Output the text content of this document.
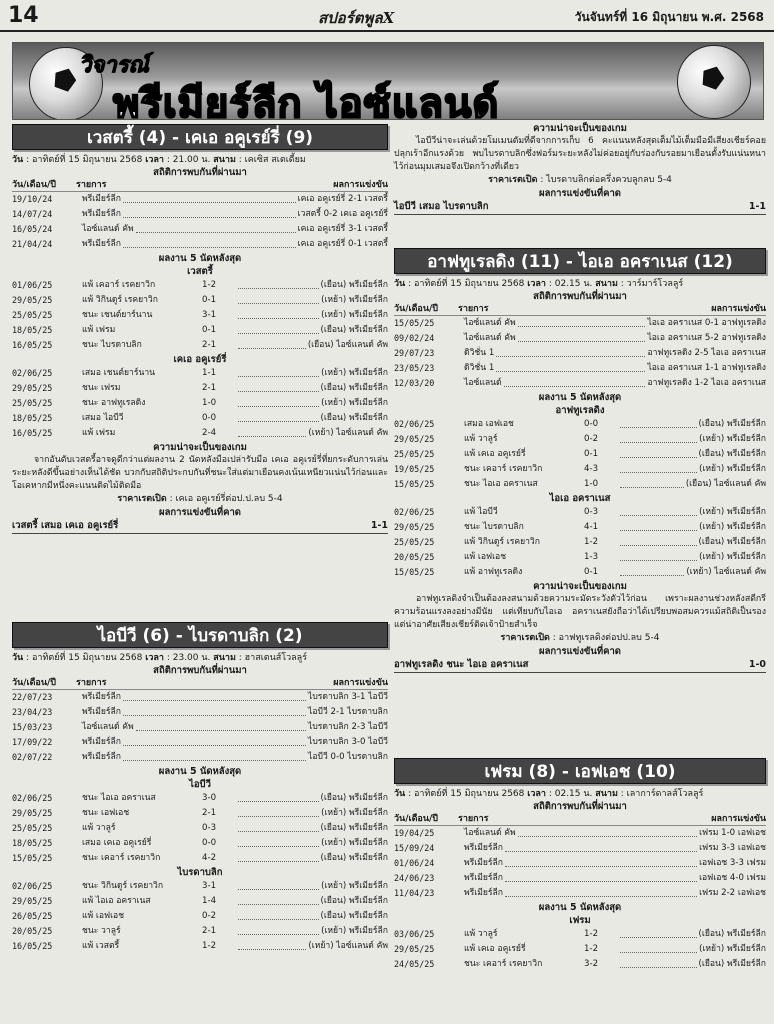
14	สปอร์ตพูลX	วันจันทร์ที่ 16 มิถุนายน พ.ศ. 2568
วิจารณ์
พรีเมียร์ลีก ไอซ์แลนด์
เวสตรี้ (4) - เคเอ อคูเรย์รี่ (9)
วัน : อาทิตย์ที่ 15 มิถุนายน 2568 เวลา : 21.00 น. สนาม : เคเซิส สเตเดี้ยม
สถิติการพบกันที่ผ่านมา
วัน/เดือน/ปี รายการ	ผลการแข่งขัน
19/10/24	พรีเมียร์ลีก	เคเอ อคูเรย์รี่ 2-1 เวสตรี้
14/07/24	พรีเมียร์ลีก	เวสตรี้ 0-2 เคเอ อคูเรย์รี่
16/05/24	ไอซ์แลนด์ คัพ	เคเอ อคูเรย์รี่ 3-1 เวสตรี้
21/04/24	พรีเมียร์ลีก	เคเอ อคูเรย์รี่ 0-1 เวสตรี้
ผลงาน 5 นัดหลังสุด
เวสตรี้
01/06/25	แพ้ เคอาร์ เรคยาวิก	1-2	(เยือน) พรีเมียร์ลีก
29/05/25	แพ้ วิกินดูร์ เรคยาวิก	0-1	(เหย้า) พรีเมียร์ลีก
25/05/25	ชนะ เชนต์ยาร์นาน	3-1	(เหย้า) พรีเมียร์ลีก
18/05/25	แพ้ เฟรม	0-1	(เยือน) พรีเมียร์ลีก
16/05/25	ชนะ ไบรดาบลิก	2-1	(เยือน) ไอซ์แลนด์ คัพ
เคเอ อคูเรย์รี่
02/06/25	เสมอ เชนต์ยาร์นาน	1-1	(เหย้า) พรีเมียร์ลีก
29/05/25	ชนะ เฟรม	2-1	(เยือน) พรีเมียร์ลีก
25/05/25	ชนะ อาฟทูเรลดิง	1-0	(เหย้า) พรีเมียร์ลีก
18/05/25	เสมอ ไอบีวี	0-0	(เยือน) พรีเมียร์ลีก
16/05/25	แพ้ เฟรม	2-4	(เหย้า) ไอซ์แลนด์ คัพ
ความน่าจะเป็นของเกม
จากอันดับเวสตรี้อาจดูดีกว่าแต่ผลงาน 2 นัดหลังมือเปล่ารับมือ เคเอ อคูเรย์รี่ที่ยกระดับการเล่นระยะหลังดีขึ้นอย่างเห็นได้ชัด บวกกับสถิติประกบกันที่ชนะใส่แต่มาเยือนคงเน้นเหนียวแน่นไว้ก่อนและโอเคหากมีหนึ่งคะแนนติดไม้ติดมือ
ราคาเรตเปิด : เคเอ อคูเรย์รี่ต่อป.ป.ลบ 5-4
ผลการแข่งขันที่คาด
เวสตรี้ เสมอ เคเอ อคูเรย์รี่	1-1
ไอบีวี (6) - ไบรดาบลิก (2)
วัน : อาทิตย์ที่ 15 มิถุนายน 2568 เวลา : 23.00 น. สนาม : ฮาสเตนส์โวลลูร์
สถิติการพบกันที่ผ่านมา
วัน/เดือน/ปี รายการ	ผลการแข่งขัน
22/07/23	พรีเมียร์ลีก	ไบรดาบลิก 3-1 ไอบีวี
23/04/23	พรีเมียร์ลีก	ไอบีวี 2-1 ไบรดาบลิก
15/03/23	ไอซ์แลนด์ คัพ	ไบรดาบลิก 2-3 ไอบีวี
17/09/22	พรีเมียร์ลีก	ไบรดาบลิก 3-0 ไอบีวี
02/07/22	พรีเมียร์ลีก	ไอบีวี 0-0 ไบรดาบลิก
ผลงาน 5 นัดหลังสุด
ไอบีวี
02/06/25	ชนะ ไอเอ อคราเนส	3-0	(เยือน) พรีเมียร์ลีก
29/05/25	ชนะ เอฟเอช	2-1	(เหย้า) พรีเมียร์ลีก
25/05/25	แพ้ วาลูร์	0-3	(เยือน) พรีเมียร์ลีก
18/05/25	เสมอ เคเอ อคูเรย์รี่	0-0	(เหย้า) พรีเมียร์ลีก
15/05/25	ชนะ เคอาร์ เรคยาวิก	4-2	(เยือน) พรีเมียร์ลีก
ไบรดาบลิก
02/06/25	ชนะ วิกินดูร์ เรคยาวิก	3-1	(เหย้า) พรีเมียร์ลีก
29/05/25	แพ้ ไอเอ อคราเนส	1-4	(เยือน) พรีเมียร์ลีก
26/05/25	แพ้ เอฟเอช	0-2	(เยือน) พรีเมียร์ลีก
20/05/25	ชนะ วาลูร์	2-1	(เหย้า) พรีเมียร์ลีก
16/05/25	แพ้ เวสตรี้	1-2	(เหย้า) ไอซ์แลนด์ คัพ
ความน่าจะเป็นของเกม
ไอบีวีน่าจะเล่นด้วยโมเมนตัมที่ดีจากการเก็บ 6 คะแนนหลังสุดเต็มไม้เต็มมือมีเสียงเชียร์คอยปลุกเร้าอีกแรงด้วย พบไบรดาบลิกซึ่งฟอร์มระยะหลังไม่ค่อยอยู่กับร่องกับรอยมาเยือนตั้งรับแน่นหนาไว้ก่อนมุมเสมอจึงเปิดกว้างที่เดียว
ราคาเรตเปิด : ไบรดาบลิกต่อครึ่งควบลูกลบ 5-4
ผลการแข่งขันที่คาด
ไอบีวี เสมอ ไบรดาบลิก	1-1
อาฟทูเรลดิง (11) - ไอเอ อคราเนส (12)
วัน : อาทิตย์ที่ 15 มิถุนายน 2568 เวลา : 02.15 น. สนาม : วาร์มาร์โวลลูร์
สถิติการพบกันที่ผ่านมา
วัน/เดือน/ปี รายการ	ผลการแข่งขัน
15/05/25	ไอซ์แลนด์ คัพ	ไอเอ อคราเนส 0-1 อาฟทูเรลดิง
09/02/24	ไอซ์แลนด์ คัพ	ไอเอ อคราเนส 5-2 อาฟทูเรลดิง
29/07/23	ดิวิชั่น 1	อาฟทูเรลดิง 2-5 ไอเอ อคราเนส
23/05/23	ดิวิชั่น 1	ไอเอ อคราเนส 1-1 อาฟทูเรลดิง
12/03/20	ไอซ์แลนด์	อาฟทูเรลดิง 1-2 ไอเอ อคราเนส
ผลงาน 5 นัดหลังสุด
อาฟทูเรลดิง
02/06/25	เสมอ เอฟเอช	0-0	(เยือน) พรีเมียร์ลีก
29/05/25	แพ้ วาลูร์	0-2	(เหย้า) พรีเมียร์ลีก
25/05/25	แพ้ เคเอ อคูเรย์รี่	0-1	(เยือน) พรีเมียร์ลีก
19/05/25	ชนะ เคอาร์ เรคยาวิก	4-3	(เหย้า) พรีเมียร์ลีก
15/05/25	ชนะ ไอเอ อคราเนส	1-0	(เยือน) ไอซ์แลนด์ คัพ
ไอเอ อคราเนส
02/06/25	แพ้ ไอบีวี	0-3	(เหย้า) พรีเมียร์ลีก
29/05/25	ชนะ ไบรดาบลิก	4-1	(เหย้า) พรีเมียร์ลีก
25/05/25	แพ้ วิกินดูร์ เรคยาวิก	1-2	(เยือน) พรีเมียร์ลีก
20/05/25	แพ้ เอฟเอช	1-3	(เหย้า) พรีเมียร์ลีก
15/05/25	แพ้ อาฟทูเรลดิง	0-1	(เหย้า) ไอซ์แลนด์ คัพ
ความน่าจะเป็นของเกม
อาฟทูเรลดิงจำเป็นต้องลงสนามด้วยความระมัดระวังตัวไว้ก่อน เพราะผลงานช่วงหลังสดีกรีความร้อนแรงลงอย่างมีนัย แต่เทียบกับไอเอ อคราเนสยังถือว่าได้เปรียบพอสมควรแม้สถิติเป็นรอง แต่น่าอาศัยเสียงเชียร์ติดเจ้าป้ายสำเร็จ
ราคาเรตเปิด : อาฟทูเรลดิงต่อปป.ลบ 5-4
ผลการแข่งขันที่คาด
อาฟทูเรลดิง ชนะ ไอเอ อคราเนส	1-0
เฟรม (8) - เอฟเอช (10)
วัน : อาทิตย์ที่ 15 มิถุนายน 2568 เวลา : 02.15 น. สนาม : เลาการ์ดาลส์โวลลูร์
สถิติการพบกันที่ผ่านมา
วัน/เดือน/ปี รายการ	ผลการแข่งขัน
19/04/25	ไอซ์แลนด์ คัพ	เฟรม 1-0 เอฟเอช
15/09/24	พรีเมียร์ลีก	เฟรม 3-3 เอฟเอช
01/06/24	พรีเมียร์ลีก	เอฟเอช 3-3 เฟรม
24/06/23	พรีเมียร์ลีก	เอฟเอช 4-0 เฟรม
11/04/23	พรีเมียร์ลีก	เฟรม 2-2 เอฟเอช
ผลงาน 5 นัดหลังสุด
เฟรม
03/06/25	แพ้ วาลูร์	1-2	(เยือน) พรีเมียร์ลีก
29/05/25	แพ้ เคเอ อคูเรย์รี่	1-2	(เหย้า) พรีเมียร์ลีก
24/05/25	ชนะ เคอาร์ เรคยาวิก	3-2	(เยือน) พรีเมียร์ลีก
